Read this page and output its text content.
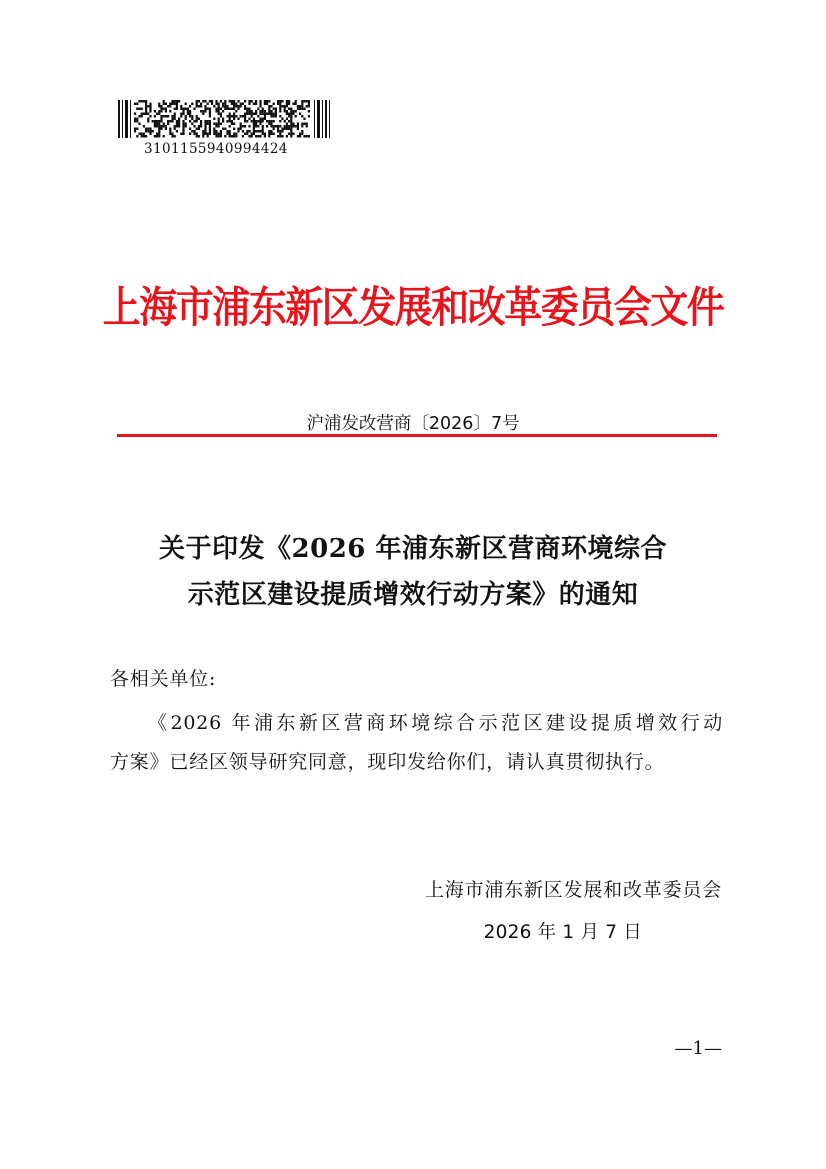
3101155940994424
上海市浦东新区发展和改革委员会文件
沪浦发改营商〔2026〕7号
关于印发《2026 年浦东新区营商环境综合
示范区建设提质增效行动方案》的通知
各相关单位:
《2026 年浦东新区营商环境综合示范区建设提质增效行动
方案》已经区领导研究同意，现印发给你们，请认真贯彻执行。
上海市浦东新区发展和改革委员会
2026 年 1 月 7 日
—1—
